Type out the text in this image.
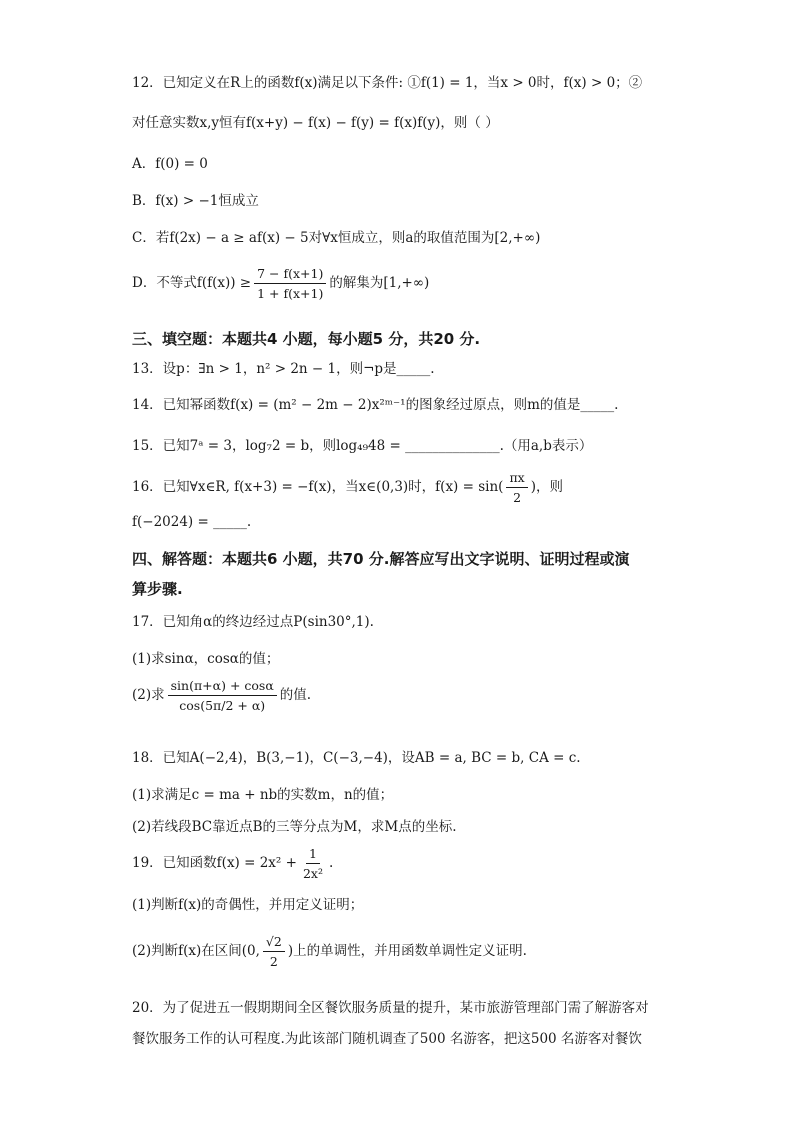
12．已知定义在R上的函数f(x)满足以下条件: ①f(1) = 1，当x > 0时，f(x) > 0；②
对任意实数x,y恒有f(x+y) − f(x) − f(y) = f(x)f(y)，则（ ）
A．f(0) = 0
B．f(x) > −1恒成立
C．若f(2x) − a ≥ af(x) − 5对∀x恒成立，则a的取值范围为[2,+∞)
D．不等式$f(f(x)) \ge \frac{7 - f(x+1)}{1 + f(x+1)}$ 的解集为[1,+∞)
三、填空题：本题共4 小题，每小题5 分，共20 分.
13．设p：∃n > 1，n² > 2n − 1，则¬p是_____.
14．已知幂函数f(x) = (m² − 2m − 2)x²ᵐ⁻¹的图象经过原点，则m的值是_____.
15．已知7ᵃ = 3，log₇2 = b，则log₄₉48 = ______________.（用a,b表示）
16．已知∀x∈R, f(x+3) = −f(x)，当x∈(0,3)时，$f(x) = \sin( \frac{\pi x}{2}$ )，则
f(−2024) = _____.
四、解答题：本题共6 小题，共70 分.解答应写出文字说明、证明过程或演
算步骤.
17．已知角α的终边经过点P(sin30°,1).
(1)求sinα，cosα的值；
(2)求 $\frac{\sin(\pi+\alpha) + \cos\alpha}{\cos(5\pi/2 + \alpha)}$ 的值.
18．已知A(−2,4)，B(3,−1)，C(−3,−4)，设AB = a, BC = b, CA = c.
(1)求满足c = ma + nb的实数m，n的值；
(2)若线段BC靠近点B的三等分点为M，求M点的坐标.
19．已知函数$f(x) = 2x^2 + \frac{1}{\text{2x²}}$ .
(1)判断f(x)的奇偶性，并用定义证明；
(2)判断f(x)在区间(0, $\frac{√2}{2}$ )上的单调性，并用函数单调性定义证明.
20．为了促进五一假期期间全区餐饮服务质量的提升，某市旅游管理部门需了解游客对
餐饮服务工作的认可程度.为此该部门随机调查了500 名游客，把这500 名游客对餐饮
